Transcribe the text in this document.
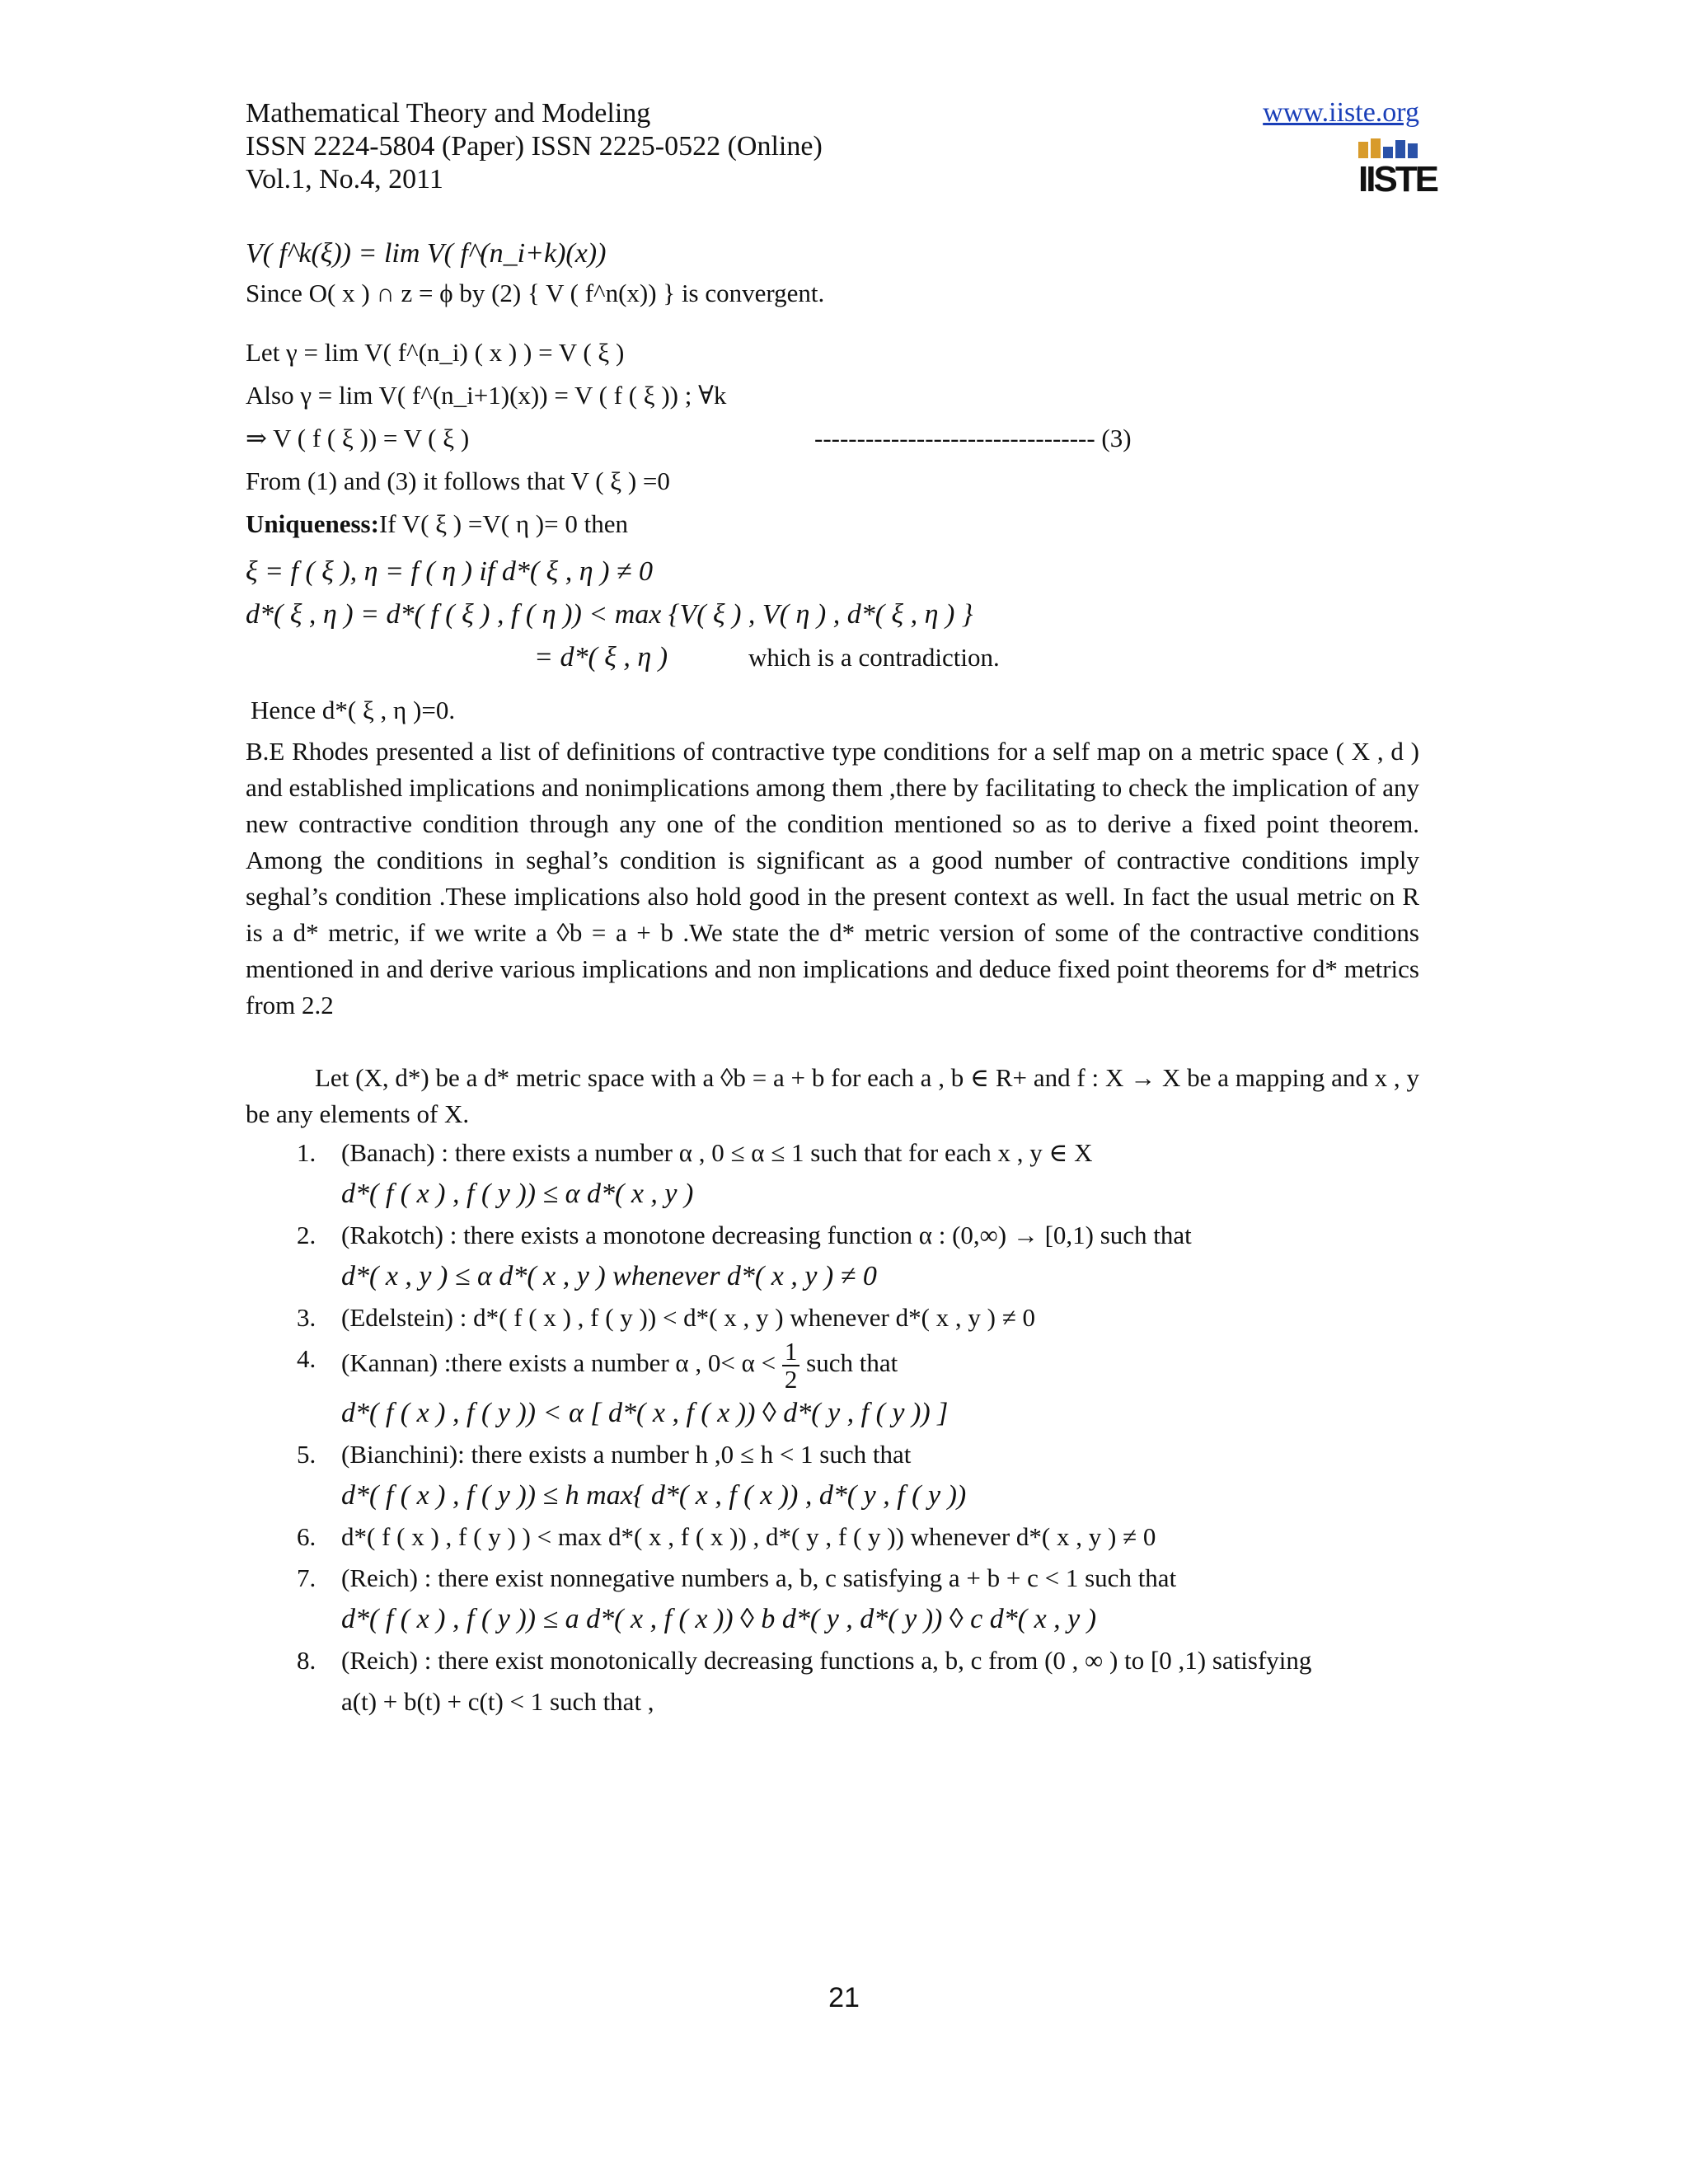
Mathematical Theory and Modeling
ISSN 2224-5804 (Paper) ISSN 2225-0522 (Online)
Vol.1, No.4, 2011
www.iiste.org
IISTE
V( f^k(ξ)) = lim V( f^(n_i+k)(x))
Since O( x ) ∩ z = ϕ by (2) { V ( f^n(x)) } is convergent.
Let γ = lim V( f^(n_i) ( x ) ) = V ( ξ )
Also γ = lim V( f^(n_i+1)(x)) = V ( f ( ξ )) ; ∀k
⇒ V ( f ( ξ )) = V ( ξ )	--------------------------------- (3)
From (1) and (3) it follows that V ( ξ ) =0
Uniqueness:If V( ξ ) =V( η )= 0 then
ξ = f ( ξ ), η = f ( η ) if d*( ξ , η ) ≠ 0
d*( ξ , η ) = d*( f ( ξ ) , f ( η )) < max {V( ξ ) , V( η ) , d*( ξ , η ) }
= d*( ξ , η )	which is a contradiction.
Hence d*( ξ , η )=0.

B.E Rhodes presented a list of definitions of contractive type conditions for a self map on a metric space ( X , d ) and established implications and nonimplications among them ,there by facilitating to check the implication of any new contractive condition through any one of the condition mentioned so as to derive a fixed point theorem. Among the conditions in seghal’s condition is significant as a good number of contractive conditions imply seghal’s condition .These implications also hold good in the present context as well. In fact the usual metric on R is a d* metric, if we write a ◊b = a + b .We state the d* metric version of some of the contractive conditions mentioned in and derive various implications and non implications and deduce fixed point theorems for d* metrics from 2.2

Let (X, d*) be a d* metric space with a ◊b = a + b for each a , b ∈ R+ and f : X → X be a mapping and x , y be any elements of X.

1. (Banach) : there exists a number α , 0 ≤ α ≤ 1 such that for each x , y ∈ X
d*( f ( x ) , f ( y )) ≤ α d*( x , y )
2. (Rakotch) : there exists a monotone decreasing function α : (0,∞) → [0,1) such that
d*( x , y ) ≤ α d*( x , y ) whenever d*( x , y ) ≠ 0
3. (Edelstein) : d*( f ( x ) , f ( y )) < d*( x , y ) whenever d*( x , y ) ≠ 0
4. (Kannan) :there exists a number α , $0< \alpha < \frac{1}{2}$ such that
d*( f ( x ) , f ( y )) < α [ d*( x , f ( x )) ◊ d*( y , f ( y )) ]
5. (Bianchini): there exists a number h ,0 ≤ h < 1 such that
d*( f ( x ) , f ( y )) ≤ h max{ d*( x , f ( x )) , d*( y , f ( y ))
6. d*( f ( x ) , f ( y ) ) < max d*( x , f ( x )) , d*( y , f ( y )) whenever d*( x , y ) ≠ 0
7. (Reich) : there exist nonnegative numbers a, b, c satisfying a + b + c < 1 such that
d*( f ( x ) , f ( y )) ≤ a d*( x , f ( x )) ◊ b d*( y , d*( y )) ◊ c d*( x , y )
8. (Reich) : there exist monotonically decreasing functions a, b, c from (0 , ∞ ) to [0 ,1) satisfying
a(t) + b(t) + c(t) < 1 such that ,
21
